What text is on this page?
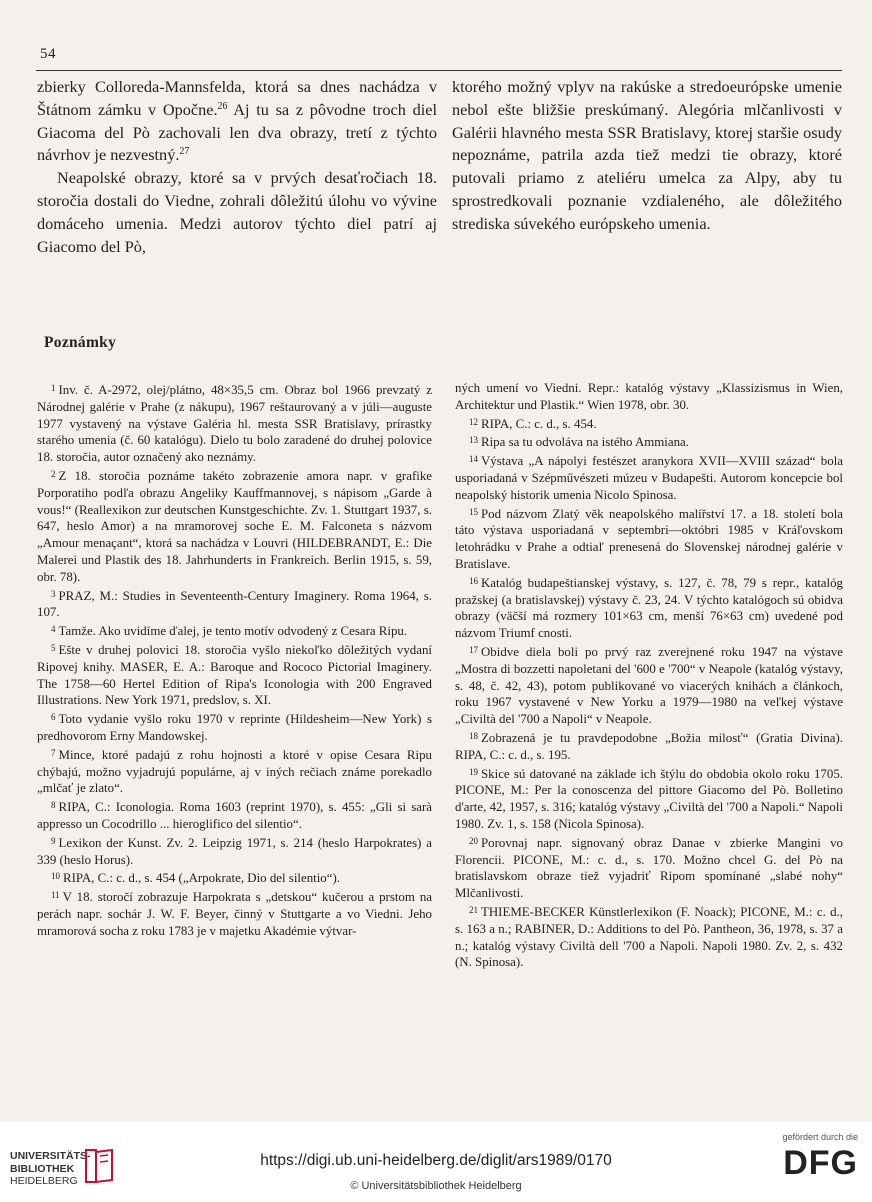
54

zbierky Colloreda-Mannsfelda, ktorá sa dnes nachádza v Štátnom zámku v Opočne.$^{26}$ Aj tu sa z pôvodne troch diel Giacoma del Pò zachovali len dva obrazy, tretí z týchto návrhov je nezvestný.$^{27}$

Neapolské obrazy, ktoré sa v prvých desaťročiach 18. storočia dostali do Viedne, zohrali dôležitú úlohu vo vývine domáceho umenia. Medzi autorov týchto diel patrí aj Giacomo del Pò,

ktorého možný vplyv na rakúske a stredoeurópske umenie nebol ešte bližšie preskúmaný. Alegória mlčanlivosti v Galérii hlavného mesta SSR Bratislavy, ktorej staršie osudy nepoznáme, patrila azda tiež medzi tie obrazy, ktoré putovali priamo z ateliéru umelca za Alpy, aby tu sprostredkovali poznanie vzdialeného, ale dôležitého strediska súvekého európskeho umenia.

Poznámky

$^1$ Inv. č. A-2972, olej/plátno, 48×35,5 cm. Obraz bol 1966 prevzatý z Národnej galérie v Prahe (z nákupu), 1967 reštaurovaný a v júli—auguste 1977 vystavený na výstave Galéria hl. mesta SSR Bratislavy, prírastky starého umenia (č. 60 katalógu). Dielo tu bolo zaradené do druhej polovice 18. storočia, autor označený ako neznámy.

$^2$ Z 18. storočia poznáme takéto zobrazenie amora napr. v grafike Porporatiho podľa obrazu Angeliky Kauffmannovej, s nápisom „Garde à vous!“ (Reallexikon zur deutschen Kunstgeschichte. Zv. 1. Stuttgart 1937, s. 647, heslo Amor) a na mramorovej soche E. M. Falconeta s názvom „Amour menaçant“, ktorá sa nachádza v Louvri (HILDEBRANDT, E.: Die Malerei und Plastik des 18. Jahrhunderts in Frankreich. Berlin 1915, s. 59, obr. 78).

$^3$ PRAZ, M.: Studies in Seventeenth-Century Imaginery. Roma 1964, s. 107.

$^4$ Tamže. Ako uvidíme ďalej, je tento motív odvodený z Cesara Ripu.

$^5$ Ešte v druhej polovici 18. storočia vyšlo niekoľko dôležitých vydaní Ripovej knihy. MASER, E. A.: Baroque and Rococo Pictorial Imaginery. The 1758—60 Hertel Edition of Ripa's Iconologia with 200 Engraved Illustrations. New York 1971, predslov, s. XI.

$^6$ Toto vydanie vyšlo roku 1970 v reprinte (Hildesheim—New York) s predhovorom Erny Mandowskej.

$^7$ Mince, ktoré padajú z rohu hojnosti a ktoré v opise Cesara Ripu chýbajú, možno vyjadrujú populárne, aj v iných rečiach známe porekadlo „mlčať je zlato“.

$^8$ RIPA, C.: Iconologia. Roma 1603 (reprint 1970), s. 455: „Gli si sarà appresso un Cocodrillo ... hieroglifico del silentio“.

$^9$ Lexikon der Kunst. Zv. 2. Leipzig 1971, s. 214 (heslo Harpokrates) a 339 (heslo Horus).

$^{10}$ RIPA, C.: c. d., s. 454 („Arpokrate, Dio del silentio“).

$^{11}$ V 18. storočí zobrazuje Harpokrata s „detskou“ kučerou a prstom na perách napr. sochár J. W. F. Beyer, činný v Stuttgarte a vo Viedni. Jeho mramorová socha z roku 1783 je v majetku Akadémie výtvar-

ných umení vo Viedni. Repr.: katalóg výstavy „Klassizismus in Wien, Architektur und Plastik.“ Wien 1978, obr. 30.

$^{12}$ RIPA, C.: c. d., s. 454.

$^{13}$ Ripa sa tu odvoláva na istého Ammiana.

$^{14}$ Výstava „A nápolyi festészet aranykora XVII—XVIII század“ bola usporiadaná v Szépművészeti múzeu v Budapešti. Autorom koncepcie bol neapolský historik umenia Nicolo Spinosa.

$^{15}$ Pod názvom Zlatý věk neapolského malířství 17. a 18. století bola táto výstava usporiadaná v septembri—októbri 1985 v Kráľovskom letohrádku v Prahe a odtiaľ prenesená do Slovenskej národnej galérie v Bratislave.

$^{16}$ Katalóg budapeštianskej výstavy, s. 127, č. 78, 79 s repr., katalóg pražskej (a bratislavskej) výstavy č. 23, 24. V týchto katalógoch sú obidva obrazy (väčší má rozmery 101×63 cm, menší 76×63 cm) uvedené pod názvom Triumf cnosti.

$^{17}$ Obidve diela boli po prvý raz zverejnené roku 1947 na výstave „Mostra di bozzetti napoletani del '600 e '700“ v Neapole (katalóg výstavy, s. 48, č. 42, 43), potom publikované vo viacerých knihách a článkoch, roku 1967 vystavené v New Yorku a 1979—1980 na veľkej výstave „Civiltà del '700 a Napoli“ v Neapole.

$^{18}$ Zobrazená je tu pravdepodobne „Božia milosť“ (Gratia Divina). RIPA, C.: c. d., s. 195.

$^{19}$ Skice sú datované na základe ich štýlu do obdobia okolo roku 1705. PICONE, M.: Per la conoscenza del pittore Giacomo del Pò. Bolletino d'arte, 42, 1957, s. 316; katalóg výstavy „Civiltà del '700 a Napoli.“ Napoli 1980. Zv. 1, s. 158 (Nicola Spinosa).

$^{20}$ Porovnaj napr. signovaný obraz Danae v zbierke Mangini vo Florencii. PICONE, M.: c. d., s. 170. Možno chcel G. del Pò na bratislavskom obraze tiež vyjadriť Ripom spomínané „slabé nohy“ Mlčanlivosti.

$^{21}$ THIEME-BECKER Künstlerlexikon (F. Noack); PICONE, M.: c. d., s. 163 a n.; RABINER, D.: Additions to del Pò. Pantheon, 36, 1978, s. 37 a n.; katalóg výstavy Civiltà dell '700 a Napoli. Napoli 1980. Zv. 2, s. 432 (N. Spinosa).

UNIVERSITÄTS-
BIBLIOTHEK
HEIDELBERG
https://digi.ub.uni-heidelberg.de/diglit/ars1989/0170
© Universitätsbibliothek Heidelberg
gefördert durch die
DFG
